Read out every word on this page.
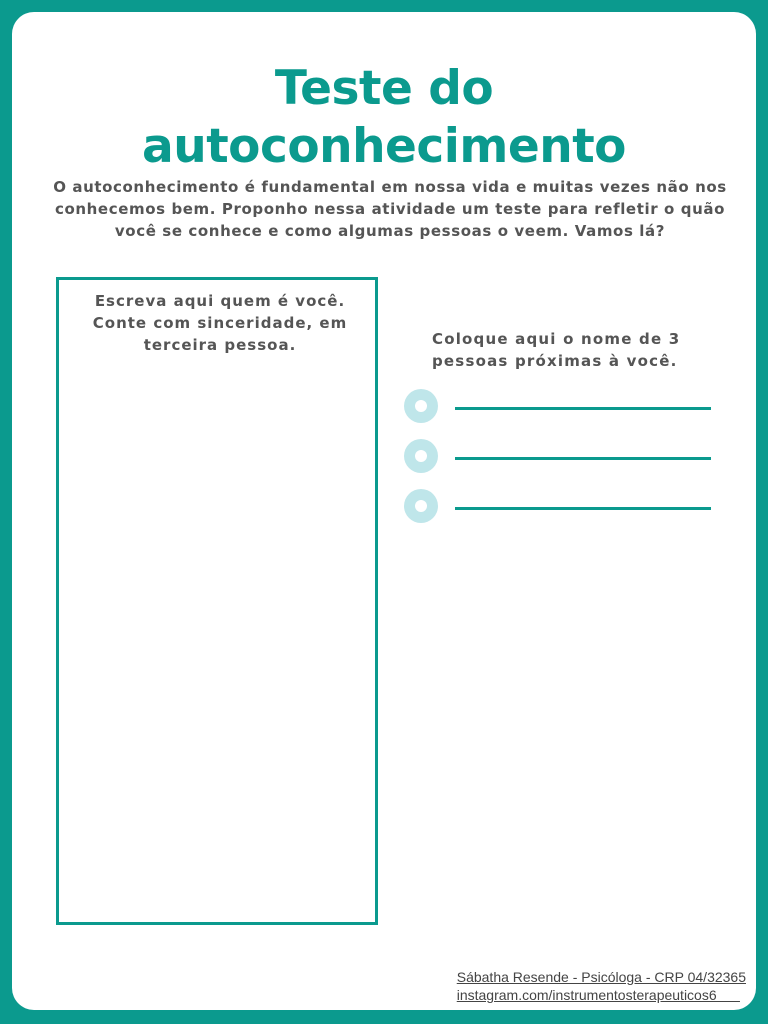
Teste do
autoconhecimento

O autoconhecimento é fundamental em nossa vida e muitas vezes não nos conhecemos bem. Proponho nessa atividade um teste para refletir o quão você se conhece e como algumas pessoas o veem. Vamos lá?

Escreva aqui quem é você. Conte com sinceridade, em terceira pessoa.	Coloque aqui o nome de 3 pessoas próximas à você.
Sábatha Resende - Psicóloga - CRP 04/32365
instagram.com/instrumentosterapeuticos6
